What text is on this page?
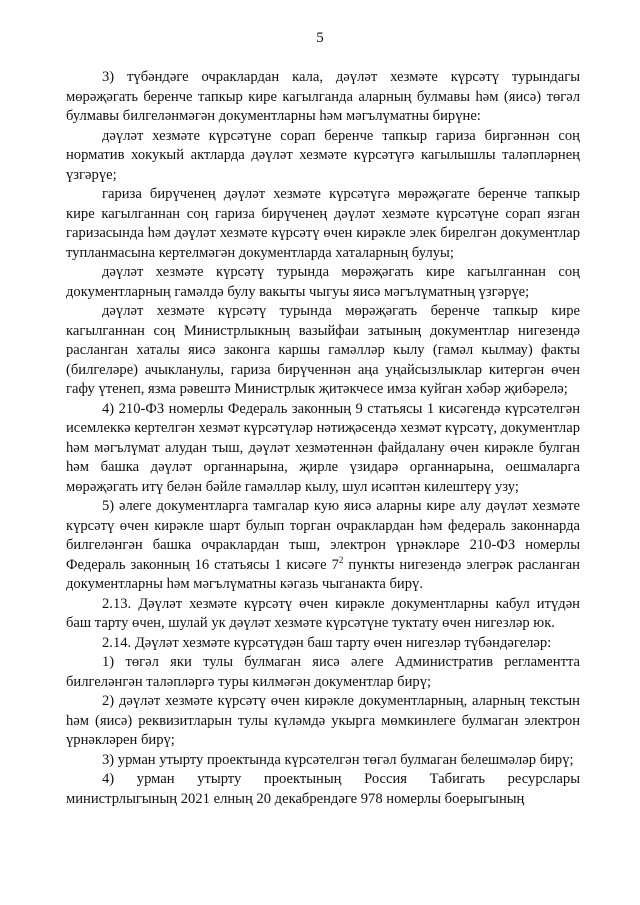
5

3) түбəндəге очраклардан кала, дəүлəт хезмəте күрсəтү турындагы мөрəҗəгать беренче тапкыр кире кагылганда аларның булмавы һəм (яисə) төгəл булмавы билгелəнмəгəн документларны һəм мəгълүматны бирүне:

дəүлəт хезмəте күрсəтүне сорап беренче тапкыр гариза биргəннəн соң норматив хокукый актларда дəүлəт хезмəте күрсəтүгə кагылышлы талəплəрнең үзгəрүе;

гариза бирүченең дəүлəт хезмəте күрсəтүгə мөрəҗəгате беренче тапкыр кире кагылганнан соң гариза бирүченең дəүлəт хезмəте күрсəтүне сорап язган гаризасында һəм дəүлəт хезмəте күрсəтү өчен кирəкле элек бирелгəн документлар тупланмасына кертелмəгəн документларда хаталарның булуы;

дəүлəт хезмəте күрсəтү турында мөрəҗəгать кире кагылганнан соң документларның гамəлдə булу вакыты чыгуы яисə мəгълүматның үзгəрүе;

дəүлəт хезмəте күрсəтү турында мөрəҗəгать беренче тапкыр кире кагылганнан соң Министрлыкның вазыйфаи затының документлар нигезендə расланган хаталы яисə законга каршы гамəллəр кылу (гамəл кылмау) факты (билгелəре) ачыкланулы, гариза бирүченнəн аңа уңайсызлыклар китергəн өчен гафу үтенеп, язма рəвештə Министрлык җитəкчесе имза куйган хəбəр җибəрелə;

4) 210-ФЗ номерлы Федераль законның 9 статьясы 1 кисəгендə күрсəтелгəн исемлеккə кертелгəн хезмəт күрсəтүлəр нəтиҗəсендə хезмəт күрсəтү, документлар һəм мəгълүмат алудан тыш, дəүлəт хезмəтеннəн файдалану өчен кирəкле булган һəм башка дəүлəт органнарына, җирле үзидарə органнарына, оешмаларга мөрəҗəгать итү белəн бəйле гамəллəр кылу, шул исəптəн килештерү узу;

5) әлеге документларга тамгалар кую яисə аларны кире алу дəүлəт хезмəте күрсəтү өчен кирəкле шарт булып торган очраклардан һəм федераль законнарда билгелəнгəн башка очраклардан тыш, электрон үрнəклəре 210-ФЗ номерлы Федераль законның 16 статьясы 1 кисəге $7^2$ пункты нигезендə элегрəк расланган документларны һəм мəгълүматны кəгазь чыганакта бирү.

2.13. Дəүлəт хезмəте күрсəтү өчен кирəкле документларны кабул итүдəн баш тарту өчен, шулай ук дəүлəт хезмəте күрсəтүне туктату өчен нигезлəр юк.

2.14. Дəүлəт хезмəте күрсəтүдəн баш тарту өчен нигезлəр түбəндəгелəр:

1) төгəл яки тулы булмаган яисə əлеге Административ регламентта билгелəнгəн талəплəргə туры килмəгəн документлар бирү;

2) дəүлəт хезмəте күрсəтү өчен кирəкле документларның, аларның текстын һəм (яисə) реквизитларын тулы күлəмдə укырга мөмкинлеге булмаган электрон үрнəклəрен бирү;

3) урман утырту проектында күрсəтелгəн төгəл булмаган белешмəлəр бирү;

4) урман утырту проектының Россия Табигать ресурслары министрлыгының 2021 елның 20 декабрендəге 978 номерлы боерыгының
